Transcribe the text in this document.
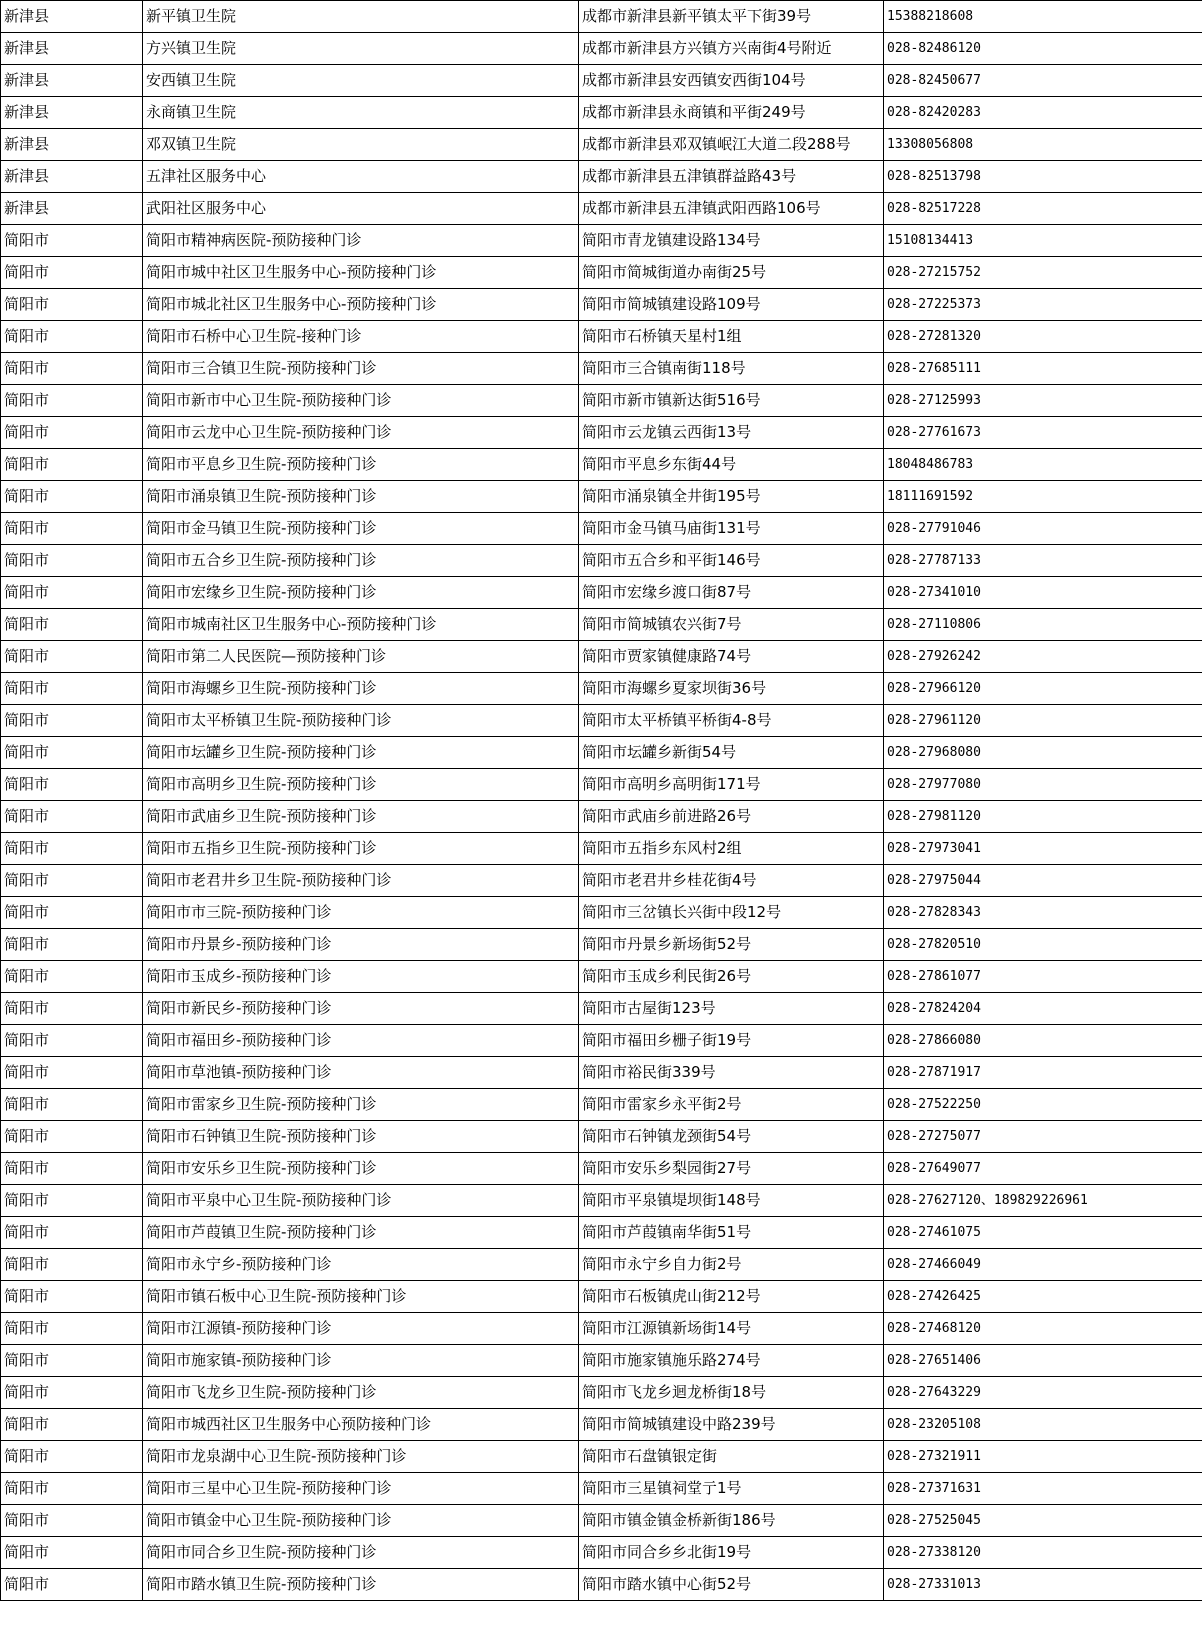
新津县	新平镇卫生院	成都市新津县新平镇太平下街39号	15388218608
新津县	方兴镇卫生院	成都市新津县方兴镇方兴南街4号附近	028-82486120
新津县	安西镇卫生院	成都市新津县安西镇安西街104号	028-82450677
新津县	永商镇卫生院	成都市新津县永商镇和平街249号	028-82420283
新津县	邓双镇卫生院	成都市新津县邓双镇岷江大道二段288号	13308056808
新津县	五津社区服务中心	成都市新津县五津镇群益路43号	028-82513798
新津县	武阳社区服务中心	成都市新津县五津镇武阳西路106号	028-82517228
简阳市	简阳市精神病医院-预防接种门诊	简阳市青龙镇建设路134号	15108134413
简阳市	简阳市城中社区卫生服务中心-预防接种门诊	简阳市简城街道办南街25号	028-27215752
简阳市	简阳市城北社区卫生服务中心-预防接种门诊	简阳市简城镇建设路109号	028-27225373
简阳市	简阳市石桥中心卫生院-接种门诊	简阳市石桥镇天星村1组	028-27281320
简阳市	简阳市三合镇卫生院-预防接种门诊	简阳市三合镇南街118号	028-27685111
简阳市	简阳市新市中心卫生院-预防接种门诊	简阳市新市镇新达街516号	028-27125993
简阳市	简阳市云龙中心卫生院-预防接种门诊	简阳市云龙镇云西街13号	028-27761673
简阳市	简阳市平息乡卫生院-预防接种门诊	简阳市平息乡东街44号	18048486783
简阳市	简阳市涌泉镇卫生院-预防接种门诊	简阳市涌泉镇全井街195号	18111691592
简阳市	简阳市金马镇卫生院-预防接种门诊	简阳市金马镇马庙街131号	028-27791046
简阳市	简阳市五合乡卫生院-预防接种门诊	简阳市五合乡和平街146号	028-27787133
简阳市	简阳市宏缘乡卫生院-预防接种门诊	简阳市宏缘乡渡口街87号	028-27341010
简阳市	简阳市城南社区卫生服务中心-预防接种门诊	简阳市简城镇农兴街7号	028-27110806
简阳市	简阳市第二人民医院—预防接种门诊	简阳市贾家镇健康路74号	028-27926242
简阳市	简阳市海螺乡卫生院-预防接种门诊	简阳市海螺乡夏家坝街36号	028-27966120
简阳市	简阳市太平桥镇卫生院-预防接种门诊	简阳市太平桥镇平桥街4-8号	028-27961120
简阳市	简阳市坛罐乡卫生院-预防接种门诊	简阳市坛罐乡新街54号	028-27968080
简阳市	简阳市高明乡卫生院-预防接种门诊	简阳市高明乡高明街171号	028-27977080
简阳市	简阳市武庙乡卫生院-预防接种门诊	简阳市武庙乡前进路26号	028-27981120
简阳市	简阳市五指乡卫生院-预防接种门诊	简阳市五指乡东风村2组	028-27973041
简阳市	简阳市老君井乡卫生院-预防接种门诊	简阳市老君井乡桂花街4号	028-27975044
简阳市	简阳市市三院-预防接种门诊	简阳市三岔镇长兴街中段12号	028-27828343
简阳市	简阳市丹景乡-预防接种门诊	简阳市丹景乡新场街52号	028-27820510
简阳市	简阳市玉成乡-预防接种门诊	简阳市玉成乡利民街26号	028-27861077
简阳市	简阳市新民乡-预防接种门诊	简阳市古屋街123号	028-27824204
简阳市	简阳市福田乡-预防接种门诊	简阳市福田乡栅子街19号	028-27866080
简阳市	简阳市草池镇-预防接种门诊	简阳市裕民街339号	028-27871917
简阳市	简阳市雷家乡卫生院-预防接种门诊	简阳市雷家乡永平街2号	028-27522250
简阳市	简阳市石钟镇卫生院-预防接种门诊	简阳市石钟镇龙颈街54号	028-27275077
简阳市	简阳市安乐乡卫生院-预防接种门诊	简阳市安乐乡梨园街27号	028-27649077
简阳市	简阳市平泉中心卫生院-预防接种门诊	简阳市平泉镇堤坝街148号	028-27627120、189829226961
简阳市	简阳市芦葭镇卫生院-预防接种门诊	简阳市芦葭镇南华街51号	028-27461075
简阳市	简阳市永宁乡-预防接种门诊	简阳市永宁乡自力街2号	028-27466049
简阳市	简阳市镇石板中心卫生院-预防接种门诊	简阳市石板镇虎山街212号	028-27426425
简阳市	简阳市江源镇-预防接种门诊	简阳市江源镇新场街14号	028-27468120
简阳市	简阳市施家镇-预防接种门诊	简阳市施家镇施乐路274号	028-27651406
简阳市	简阳市飞龙乡卫生院-预防接种门诊	简阳市飞龙乡迴龙桥街18号	028-27643229
简阳市	简阳市城西社区卫生服务中心预防接种门诊	简阳市简城镇建设中路239号	028-23205108
简阳市	简阳市龙泉湖中心卫生院-预防接种门诊	简阳市石盘镇银定街	028-27321911
简阳市	简阳市三星中心卫生院-预防接种门诊	简阳市三星镇祠堂亍1号	028-27371631
简阳市	简阳市镇金中心卫生院-预防接种门诊	简阳市镇金镇金桥新街186号	028-27525045
简阳市	简阳市同合乡卫生院-预防接种门诊	简阳市同合乡乡北街19号	028-27338120
简阳市	简阳市踏水镇卫生院-预防接种门诊	简阳市踏水镇中心街52号	028-27331013
